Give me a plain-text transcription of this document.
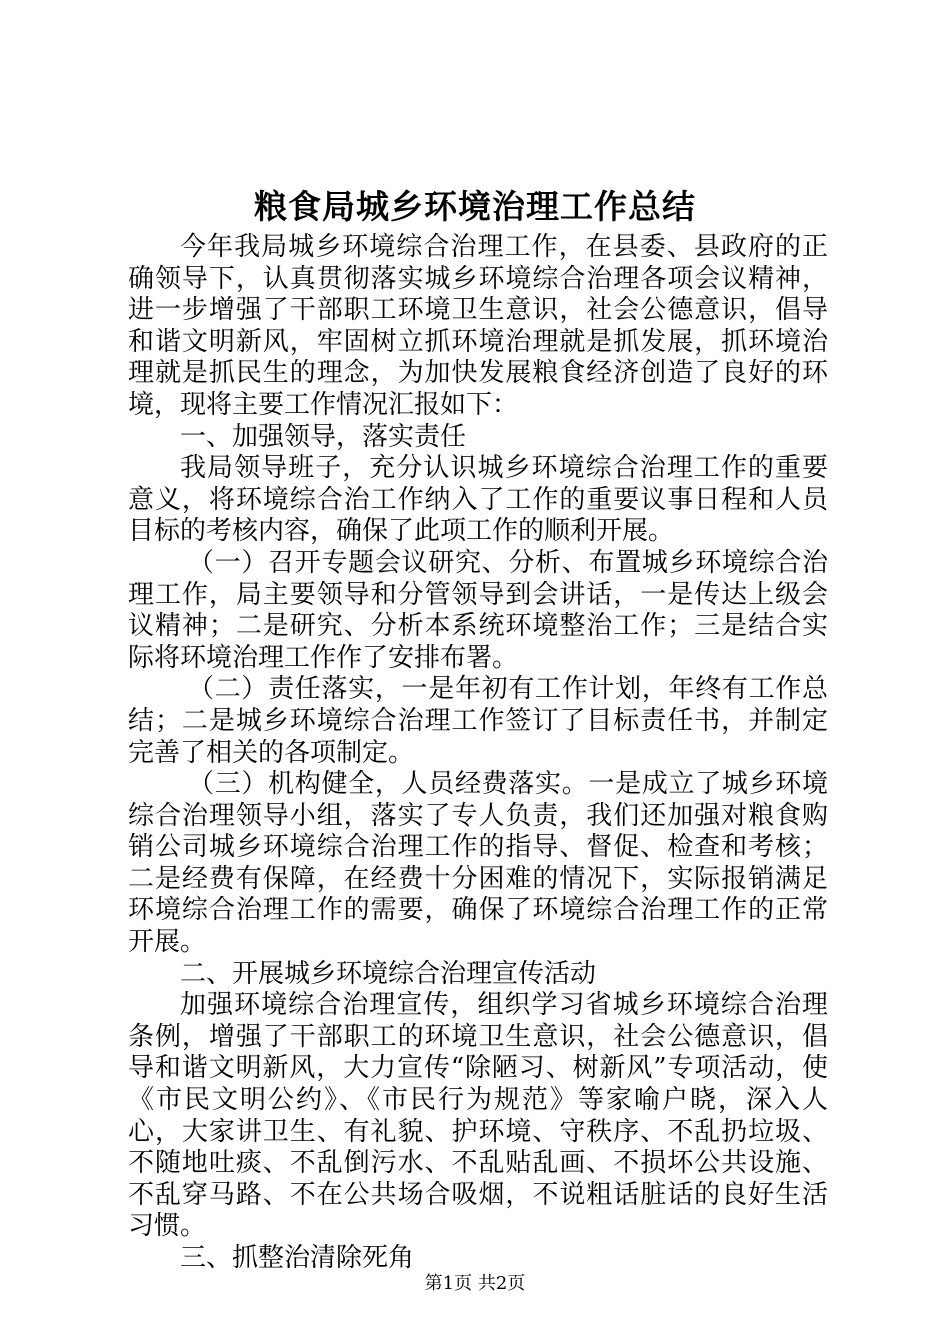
粮食局城乡环境治理工作总结

今年我局城乡环境综合治理工作，在县委、县政府的正确领导下，认真贯彻落实城乡环境综合治理各项会议精神，进一步增强了干部职工环境卫生意识，社会公德意识，倡导和谐文明新风，牢固树立抓环境治理就是抓发展，抓环境治理就是抓民生的理念，为加快发展粮食经济创造了良好的环境，现将主要工作情况汇报如下：

一、加强领导，落实责任

我局领导班子，充分认识城乡环境综合治理工作的重要意义，将环境综合治工作纳入了工作的重要议事日程和人员目标的考核内容，确保了此项工作的顺利开展。

（一）召开专题会议研究、分析、布置城乡环境综合治理工作，局主要领导和分管领导到会讲话，一是传达上级会议精神；二是研究、分析本系统环境整治工作；三是结合实际将环境治理工作作了安排布署。

（二）责任落实，一是年初有工作计划，年终有工作总结；二是城乡环境综合治理工作签订了目标责任书，并制定完善了相关的各项制定。

（三）机构健全，人员经费落实。一是成立了城乡环境综合治理领导小组，落实了专人负责，我们还加强对粮食购销公司城乡环境综合治理工作的指导、督促、检查和考核；二是经费有保障，在经费十分困难的情况下，实际报销满足环境综合治理工作的需要，确保了环境综合治理工作的正常开展。

二、开展城乡环境综合治理宣传活动

加强环境综合治理宣传，组织学习省城乡环境综合治理条例，增强了干部职工的环境卫生意识，社会公德意识，倡导和谐文明新风，大力宣传“除陋习、树新风”专项活动，使《市民文明公约》、《市民行为规范》等家喻户晓，深入人心，大家讲卫生、有礼貌、护环境、守秩序、不乱扔垃圾、不随地吐痰、不乱倒污水、不乱贴乱画、不损坏公共设施、不乱穿马路、不在公共场合吸烟，不说粗话脏话的良好生活习惯。

三、抓整治清除死角

第1页 共2页
